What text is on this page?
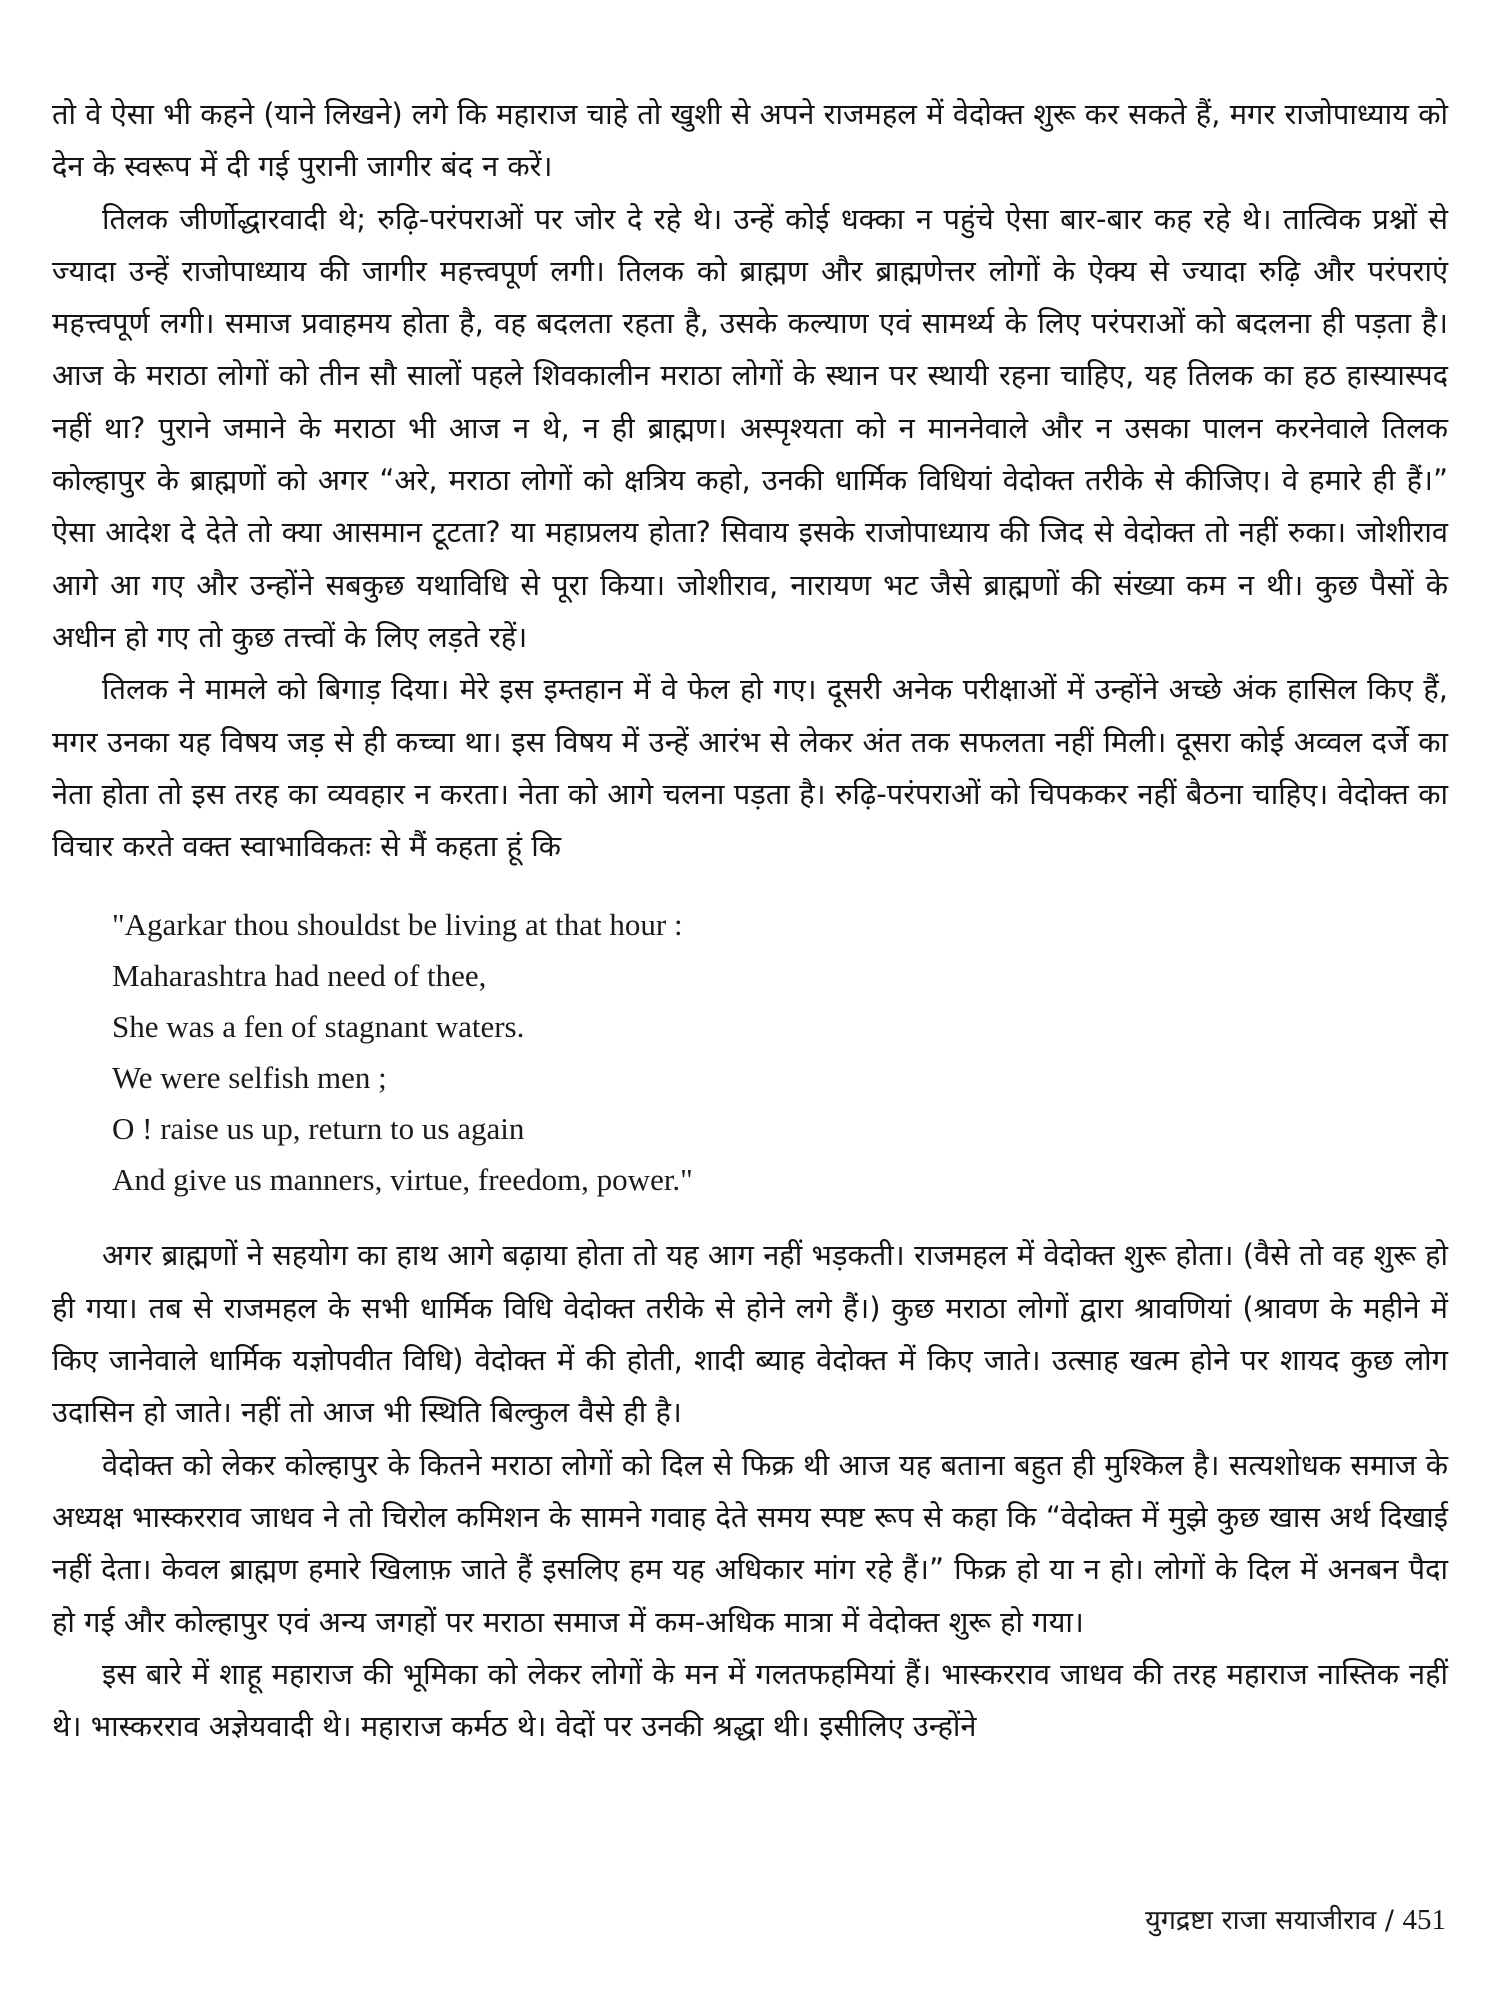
तो वे ऐसा भी कहने (याने लिखने) लगे कि महाराज चाहे तो खुशी से अपने राजमहल में वेदोक्त शुरू कर सकते हैं, मगर राजोपाध्याय को देन के स्वरूप में दी गई पुरानी जागीर बंद न करें।

तिलक जीर्णोद्धारवादी थे; रुढ़ि-परंपराओं पर जोर दे रहे थे। उन्हें कोई धक्का न पहुंचे ऐसा बार-बार कह रहे थे। तात्विक प्रश्नों से ज्यादा उन्हें राजोपाध्याय की जागीर महत्त्वपूर्ण लगी। तिलक को ब्राह्मण और ब्राह्मणेत्तर लोगों के ऐक्य से ज्यादा रुढ़ि और परंपराएं महत्त्वपूर्ण लगी। समाज प्रवाहमय होता है, वह बदलता रहता है, उसके कल्याण एवं सामर्थ्य के लिए परंपराओं को बदलना ही पड़ता है। आज के मराठा लोगों को तीन सौ सालों पहले शिवकालीन मराठा लोगों के स्थान पर स्थायी रहना चाहिए, यह तिलक का हठ हास्यास्पद नहीं था? पुराने जमाने के मराठा भी आज न थे, न ही ब्राह्मण। अस्पृश्यता को न माननेवाले और न उसका पालन करनेवाले तिलक कोल्हापुर के ब्राह्मणों को अगर “अरे, मराठा लोगों को क्षत्रिय कहो, उनकी धार्मिक विधियां वेदोक्त तरीके से कीजिए। वे हमारे ही हैं।” ऐसा आदेश दे देते तो क्या आसमान टूटता? या महाप्रलय होता? सिवाय इसके राजोपाध्याय की जिद से वेदोक्त तो नहीं रुका। जोशीराव आगे आ गए और उन्होंने सबकुछ यथाविधि से पूरा किया। जोशीराव, नारायण भट जैसे ब्राह्मणों की संख्या कम न थी। कुछ पैसों के अधीन हो गए तो कुछ तत्त्वों के लिए लड़ते रहें।

तिलक ने मामले को बिगाड़ दिया। मेरे इस इम्तहान में वे फेल हो गए। दूसरी अनेक परीक्षाओं में उन्होंने अच्छे अंक हासिल किए हैं, मगर उनका यह विषय जड़ से ही कच्चा था। इस विषय में उन्हें आरंभ से लेकर अंत तक सफलता नहीं मिली। दूसरा कोई अव्वल दर्जे का नेता होता तो इस तरह का व्यवहार न करता। नेता को आगे चलना पड़ता है। रुढ़ि-परंपराओं को चिपककर नहीं बैठना चाहिए। वेदोक्त का विचार करते वक्त स्वाभाविकतः से मैं कहता हूं कि

"Agarkar thou shouldst be living at that hour :
Maharashtra had need of thee,
She was a fen of stagnant waters.
We were selfish men ;
O ! raise us up, return to us again
And give us manners, virtue, freedom, power."

अगर ब्राह्मणों ने सहयोग का हाथ आगे बढ़ाया होता तो यह आग नहीं भड़कती। राजमहल में वेदोक्त शुरू होता। (वैसे तो वह शुरू हो ही गया। तब से राजमहल के सभी धार्मिक विधि वेदोक्त तरीके से होने लगे हैं।) कुछ मराठा लोगों द्वारा श्रावणियां (श्रावण के महीने में किए जानेवाले धार्मिक यज्ञोपवीत विधि) वेदोक्त में की होती, शादी ब्याह वेदोक्त में किए जाते। उत्साह खत्म होने पर शायद कुछ लोग उदासिन हो जाते। नहीं तो आज भी स्थिति बिल्कुल वैसे ही है।

वेदोक्त को लेकर कोल्हापुर के कितने मराठा लोगों को दिल से फिक्र थी आज यह बताना बहुत ही मुश्किल है। सत्यशोधक समाज के अध्यक्ष भास्करराव जाधव ने तो चिरोल कमिशन के सामने गवाह देते समय स्पष्ट रूप से कहा कि “वेदोक्त में मुझे कुछ खास अर्थ दिखाई नहीं देता। केवल ब्राह्मण हमारे खिलाफ़ जाते हैं इसलिए हम यह अधिकार मांग रहे हैं।” फिक्र हो या न हो। लोगों के दिल में अनबन पैदा हो गई और कोल्हापुर एवं अन्य जगहों पर मराठा समाज में कम-अधिक मात्रा में वेदोक्त शुरू हो गया।

इस बारे में शाहू महाराज की भूमिका को लेकर लोगों के मन में गलतफहमियां हैं। भास्करराव जाधव की तरह महाराज नास्तिक नहीं थे। भास्करराव अज्ञेयवादी थे। महाराज कर्मठ थे। वेदों पर उनकी श्रद्धा थी। इसीलिए उन्होंने

युगद्रष्टा राजा सयाजीराव / 451
